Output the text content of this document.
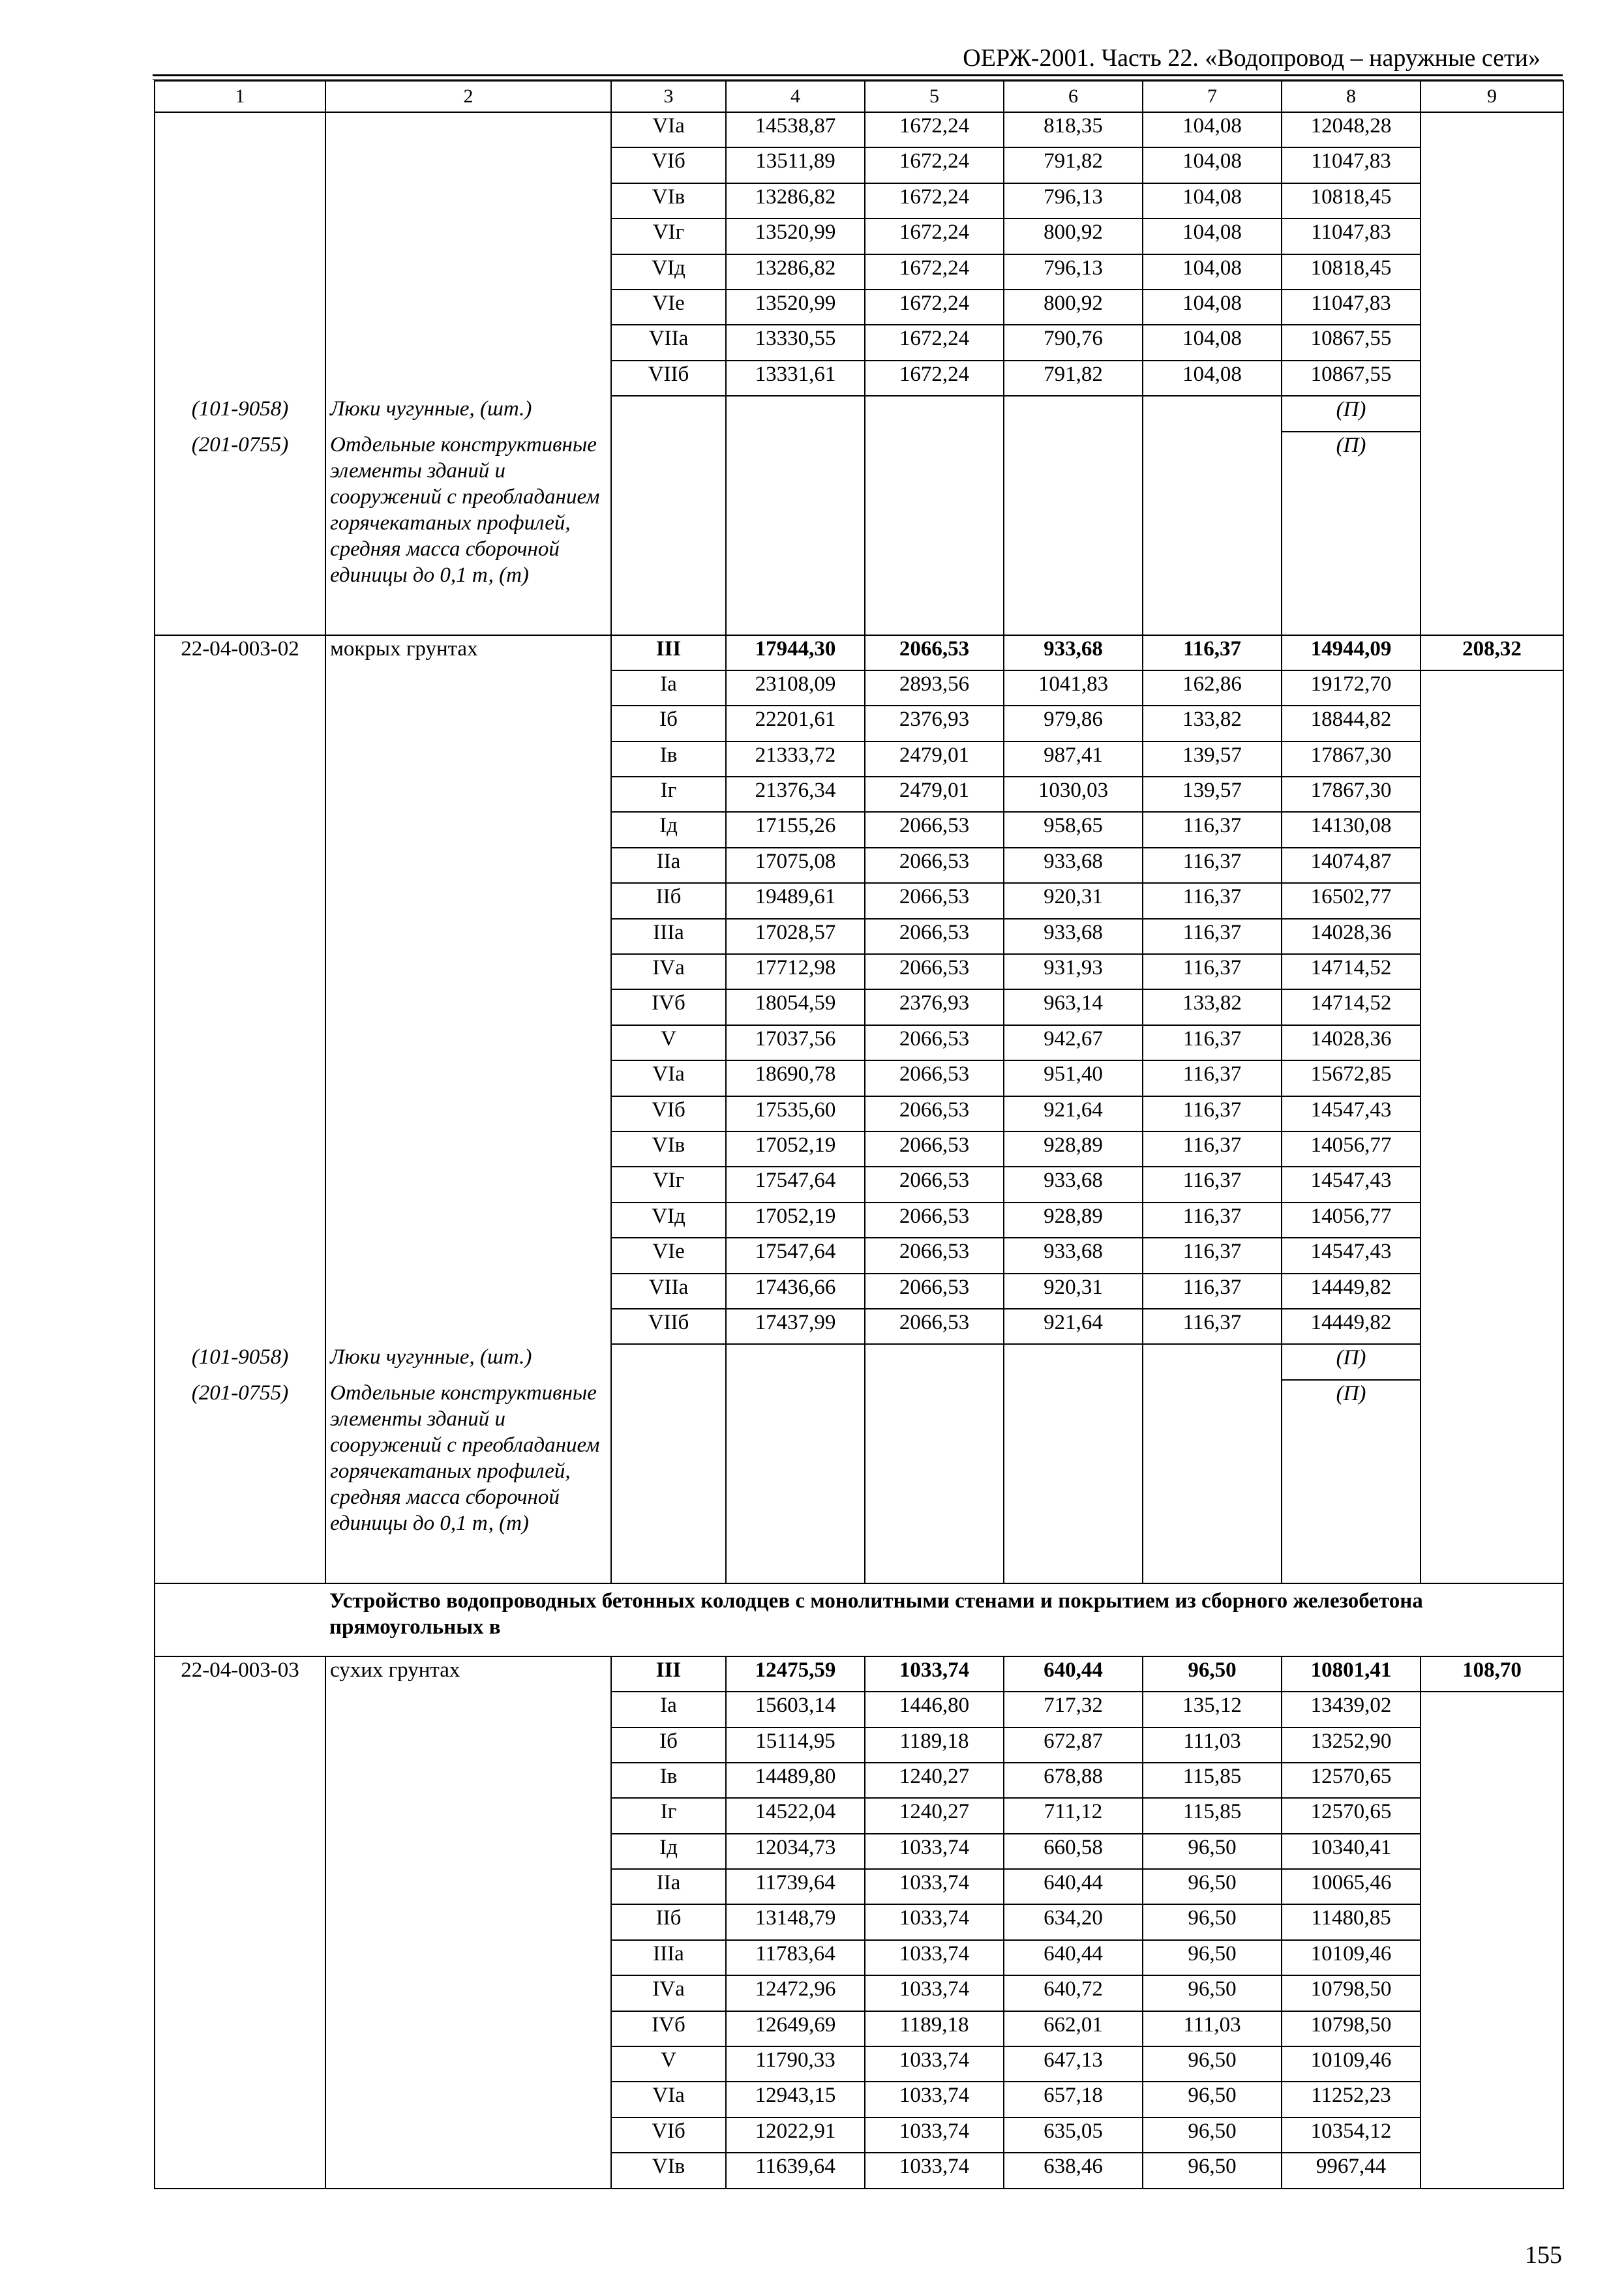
ОЕРЖ-2001. Часть 22. «Водопровод – наружные сети»
1	2	3	4	5	6	7	8	9
		VIа	14538,87	1672,24	818,35	104,08	12048,28	
		VIб	13511,89	1672,24	791,82	104,08	11047,83	
		VIв	13286,82	1672,24	796,13	104,08	10818,45	
		VIг	13520,99	1672,24	800,92	104,08	11047,83	
		VIд	13286,82	1672,24	796,13	104,08	10818,45	
		VIе	13520,99	1672,24	800,92	104,08	11047,83	
		VIIа	13330,55	1672,24	790,76	104,08	10867,55	
		VIIб	13331,61	1672,24	791,82	104,08	10867,55	
(101-9058)	Люки чугунные, (шт.)						(П)	
(201-0755)	Отдельные конструктивные элементы зданий и сооружений с преобладанием горячекатаных профилей, средняя масса сборочной единицы до 0,1 т, (т)						(П)	
22-04-003-02	мокрых грунтах	III	17944,30	2066,53	933,68	116,37	14944,09	208,32
		Iа	23108,09	2893,56	1041,83	162,86	19172,70	
		Iб	22201,61	2376,93	979,86	133,82	18844,82	
		Iв	21333,72	2479,01	987,41	139,57	17867,30	
		Iг	21376,34	2479,01	1030,03	139,57	17867,30	
		Iд	17155,26	2066,53	958,65	116,37	14130,08	
		IIа	17075,08	2066,53	933,68	116,37	14074,87	
		IIб	19489,61	2066,53	920,31	116,37	16502,77	
		IIIа	17028,57	2066,53	933,68	116,37	14028,36	
		IVа	17712,98	2066,53	931,93	116,37	14714,52	
		IVб	18054,59	2376,93	963,14	133,82	14714,52	
		V	17037,56	2066,53	942,67	116,37	14028,36	
		VIа	18690,78	2066,53	951,40	116,37	15672,85	
		VIб	17535,60	2066,53	921,64	116,37	14547,43	
		VIв	17052,19	2066,53	928,89	116,37	14056,77	
		VIг	17547,64	2066,53	933,68	116,37	14547,43	
		VIд	17052,19	2066,53	928,89	116,37	14056,77	
		VIе	17547,64	2066,53	933,68	116,37	14547,43	
		VIIа	17436,66	2066,53	920,31	116,37	14449,82	
		VIIб	17437,99	2066,53	921,64	116,37	14449,82	
(101-9058)	Люки чугунные, (шт.)						(П)	
(201-0755)	Отдельные конструктивные элементы зданий и сооружений с преобладанием горячекатаных профилей, средняя масса сборочной единицы до 0,1 т, (т)						(П)	
	Устройство водопроводных бетонных колодцев с монолитными стенами и покрытием из сборного железобетона прямоугольных в							
22-04-003-03	сухих грунтах	III	12475,59	1033,74	640,44	96,50	10801,41	108,70
		Iа	15603,14	1446,80	717,32	135,12	13439,02	
		Iб	15114,95	1189,18	672,87	111,03	13252,90	
		Iв	14489,80	1240,27	678,88	115,85	12570,65	
		Iг	14522,04	1240,27	711,12	115,85	12570,65	
		Iд	12034,73	1033,74	660,58	96,50	10340,41	
		IIа	11739,64	1033,74	640,44	96,50	10065,46	
		IIб	13148,79	1033,74	634,20	96,50	11480,85	
		IIIа	11783,64	1033,74	640,44	96,50	10109,46	
		IVа	12472,96	1033,74	640,72	96,50	10798,50	
		IVб	12649,69	1189,18	662,01	111,03	10798,50	
		V	11790,33	1033,74	647,13	96,50	10109,46	
		VIа	12943,15	1033,74	657,18	96,50	11252,23	
		VIб	12022,91	1033,74	635,05	96,50	10354,12	
		VIв	11639,64	1033,74	638,46	96,50	9967,44	
155
